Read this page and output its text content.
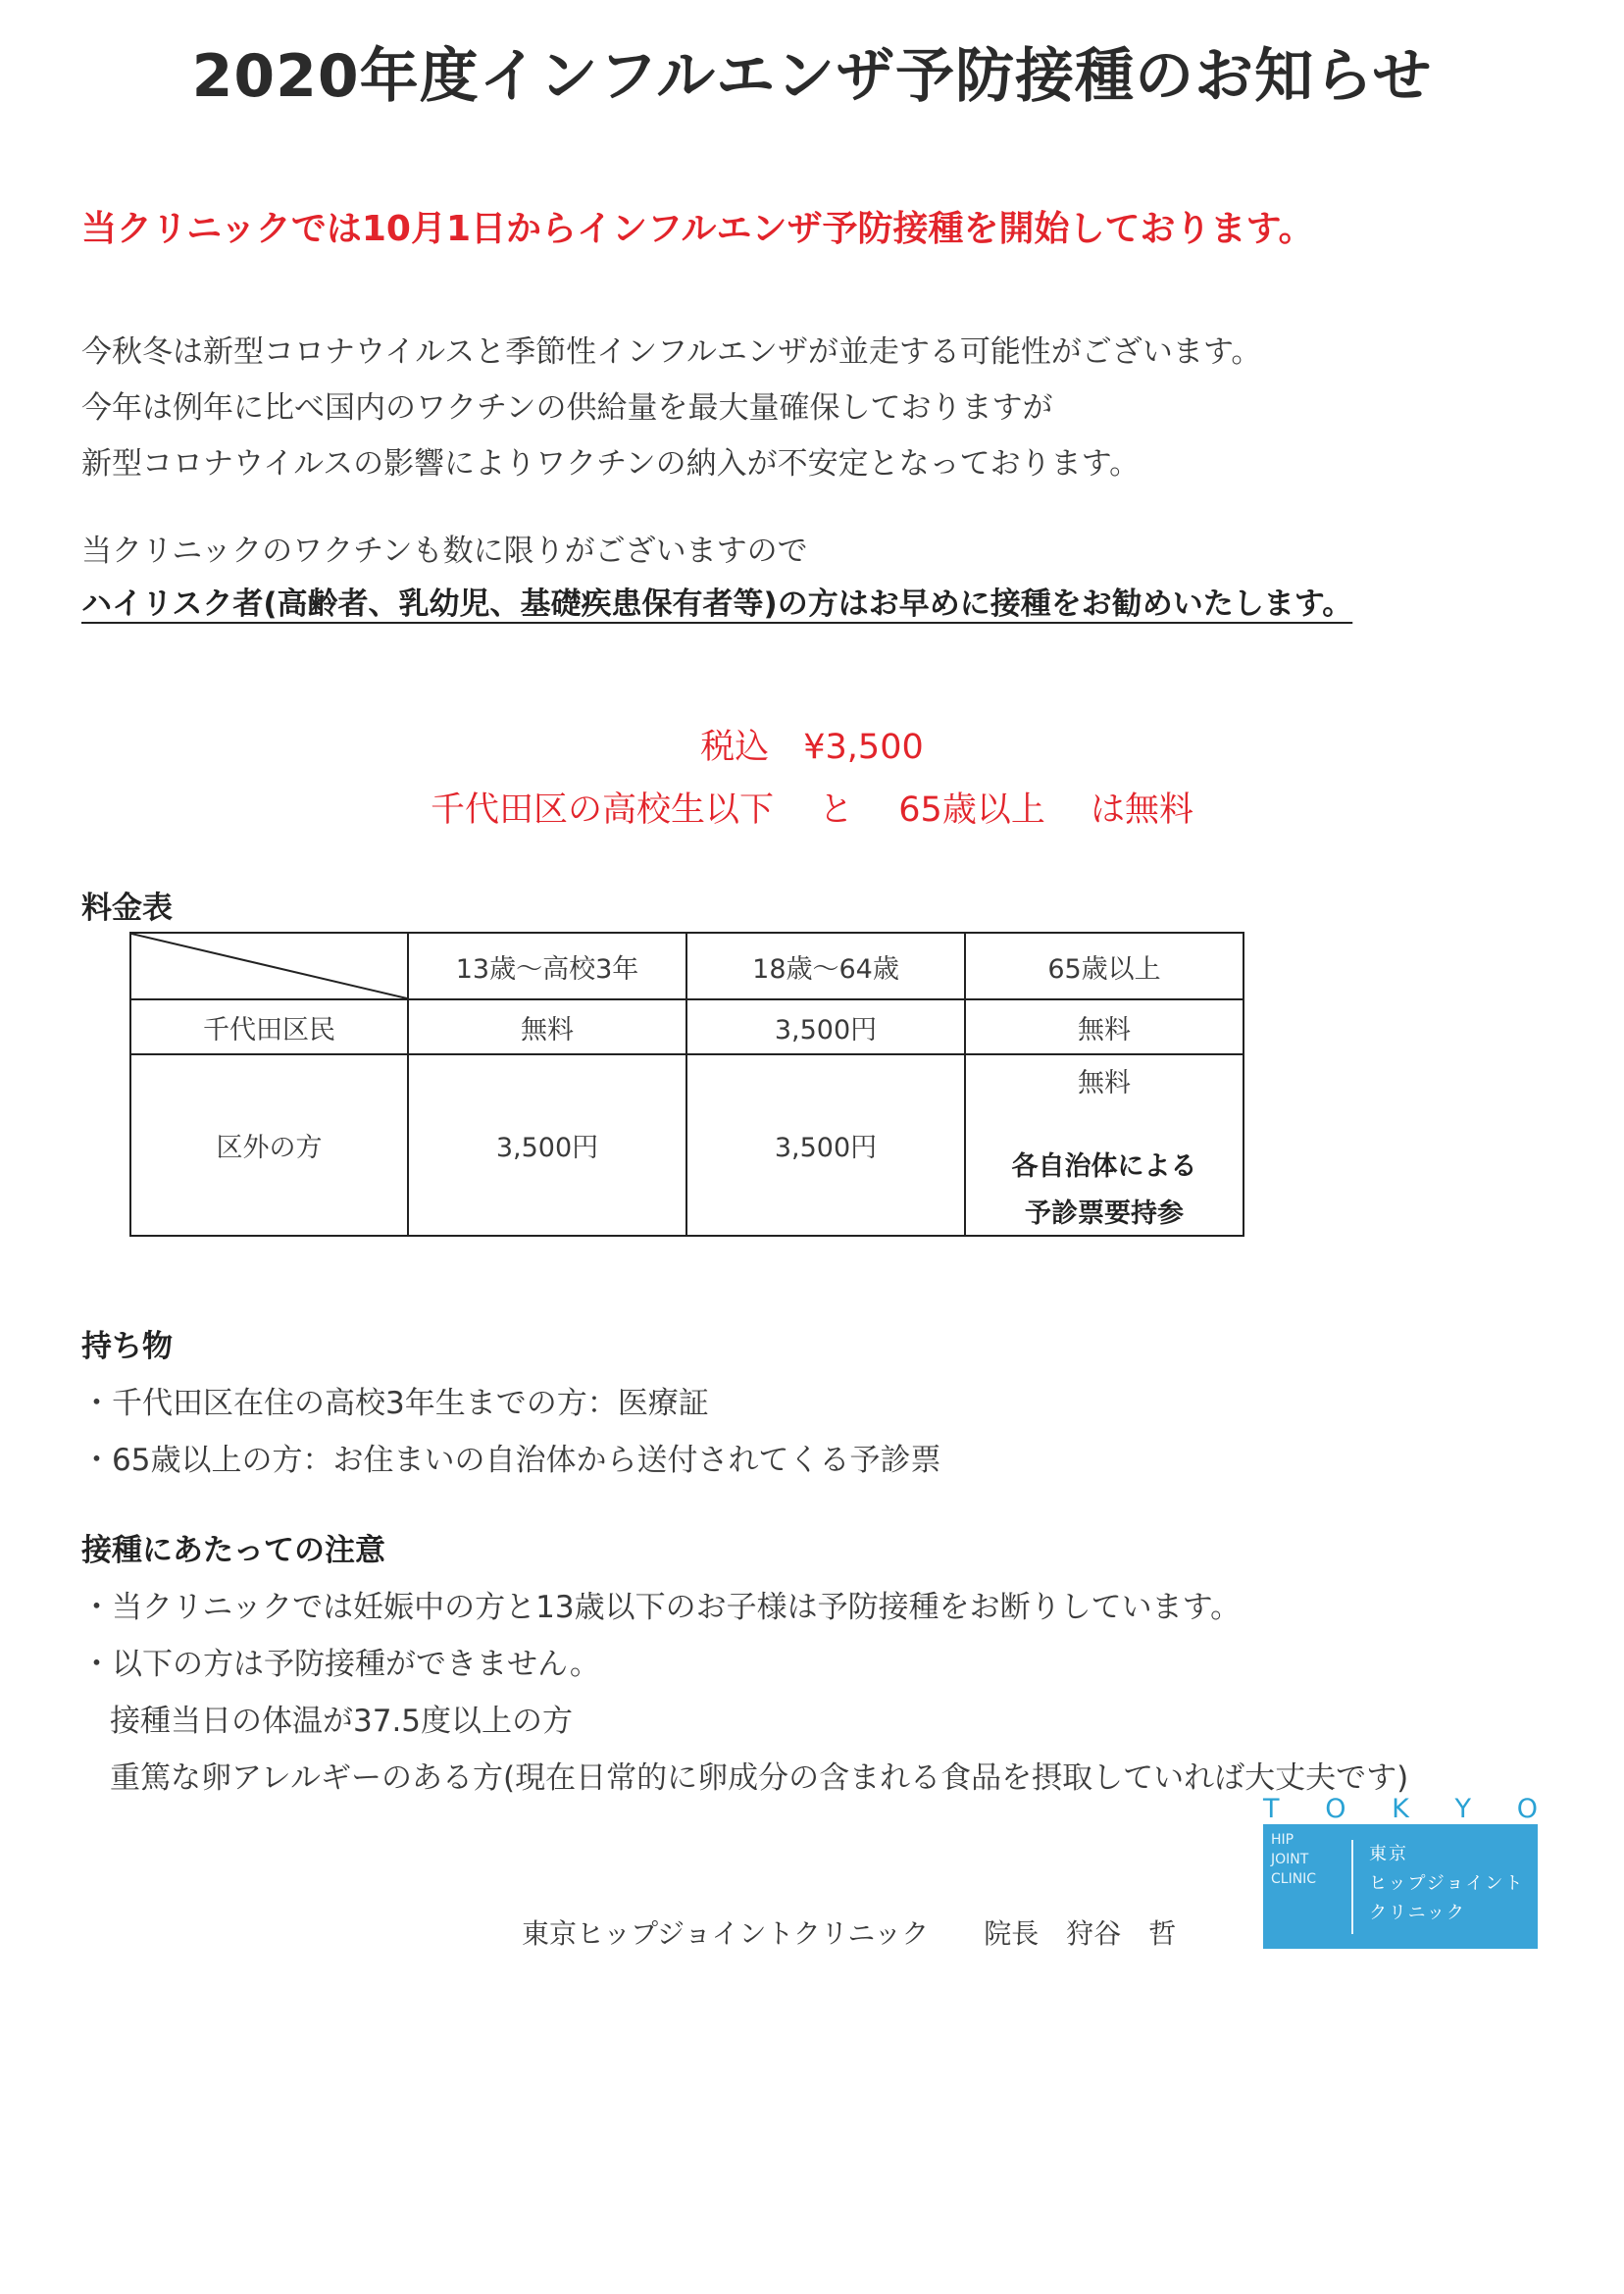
2020年度インフルエンザ予防接種のお知らせ
当クリニックでは10月1日からインフルエンザ予防接種を開始しております。
今秋冬は新型コロナウイルスと季節性インフルエンザが並走する可能性がございます。
今年は例年に比べ国内のワクチンの供給量を最大量確保しておりますが
新型コロナウイルスの影響によりワクチンの納入が不安定となっております。
当クリニックのワクチンも数に限りがございますので
ハイリスク者(高齢者、乳幼児、基礎疾患保有者等)の方はお早めに接種をお勧めいたします。
税込　¥3,500
千代田区の高校生以下　 と　 65歳以上　 は無料
料金表
	13歳～高校3年	18歳～64歳	65歳以上
千代田区民	無料	3,500円	無料
区外の方	3,500円	3,500円	無料
各自治体による
予診票要持参
持ち物
・千代田区在住の高校3年生までの方：医療証
・65歳以上の方：お住まいの自治体から送付されてくる予診票
接種にあたっての注意
・当クリニックでは妊娠中の方と13歳以下のお子様は予防接種をお断りしています。
・以下の方は予防接種ができません。
接種当日の体温が37.5度以上の方
重篤な卵アレルギーのある方(現在日常的に卵成分の含まれる食品を摂取していれば大丈夫です)
T O K Y O
HIP
JOINT
CLINIC
東京
ヒップジョイント
クリニック
東京ヒップジョイントクリニック　　院長　狩谷　哲
